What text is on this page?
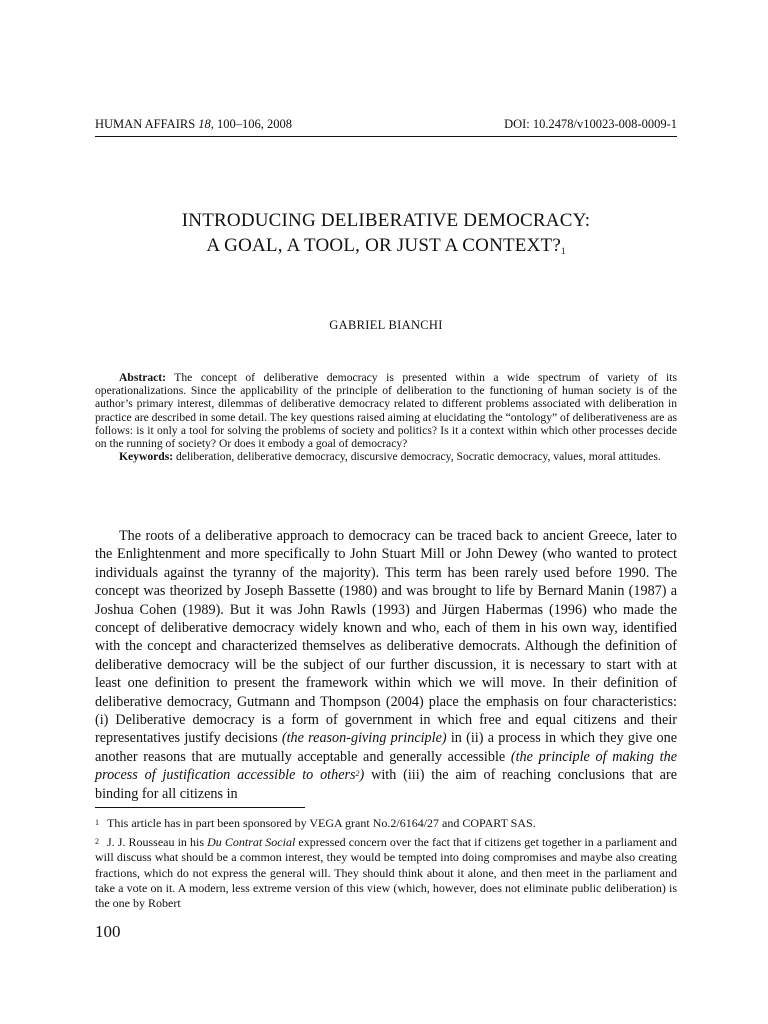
HUMAN AFFAIRS 18, 100–106, 2008	DOI: 10.2478/v10023-008-0009-1
INTRODUCING DELIBERATIVE DEMOCRACY:
A GOAL, A TOOL, OR JUST A CONTEXT?$^1$
GABRIEL BIANCHI

Abstract: The concept of deliberative democracy is presented within a wide spectrum of variety of its operationalizations. Since the applicability of the principle of deliberation to the functioning of human society is of the author’s primary interest, dilemmas of deliberative democracy related to different problems associated with deliberation in practice are described in some detail. The key questions raised aiming at elucidating the “ontology” of deliberativeness are as follows: is it only a tool for solving the problems of society and politics? Is it a context within which other processes decide on the running of society? Or does it embody a goal of democracy?

Keywords: deliberation, deliberative democracy, discursive democracy, Socratic democracy, values, moral attitudes.

The roots of a deliberative approach to democracy can be traced back to ancient Greece, later to the Enlightenment and more specifically to John Stuart Mill or John Dewey (who wanted to protect individuals against the tyranny of the majority). This term has been rarely used before 1990. The concept was theorized by Joseph Bassette (1980) and was brought to life by Bernard Manin (1987) a Joshua Cohen (1989). But it was John Rawls (1993) and Jürgen Habermas (1996) who made the concept of deliberative democracy widely known and who, each of them in his own way, identified with the concept and characterized themselves as deliberative democrats. Although the definition of deliberative democracy will be the subject of our further discussion, it is necessary to start with at least one definition to present the framework within which we will move. In their definition of deliberative democracy, Gutmann and Thompson (2004) place the emphasis on four characteristics: (i) Deliberative democracy is a form of government in which free and equal citizens and their representatives justify decisions (the reason-giving principle) in (ii) a process in which they give one another reasons that are mutually acceptable and generally accessible (the principle of making the process of justification accessible to others$^2$) with (iii) the aim of reaching conclusions that are binding for all citizens in

$^1$ This article has in part been sponsored by VEGA grant No.2/6164/27 and COPART SAS.

$^2$ J. J. Rousseau in his Du Contrat Social expressed concern over the fact that if citizens get together in a parliament and will discuss what should be a common interest, they would be tempted into doing compromises and maybe also creating fractions, which do not express the general will. They should think about it alone, and then meet in the parliament and take a vote on it. A modern, less extreme version of this view (which, however, does not eliminate public deliberation) is the one by Robert

100
